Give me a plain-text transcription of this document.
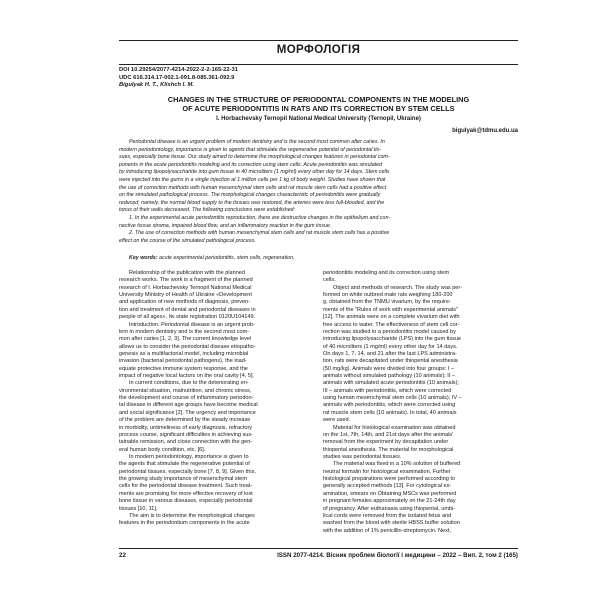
МОРФОЛОГІЯ
DOI 10.29254/2077-4214-2022-2-2-165-22-31
UDC 616.314.17-002.1-091.8-085.361-092.9
Bigulyak H. T., Klishch I. M.
CHANGES IN THE STRUCTURE OF PERIODONTAL COMPONENTS IN THE MODELING
OF ACUTE PERIODONTITIS IN RATS AND ITS CORRECTION BY STEM CELLS
I. Horbachevsky Ternopil National Medical University (Ternopil, Ukraine)
bigulyak@tdmu.edu.ua
Periodontal disease is an urgent problem of modern dentistry and is the second most common after caries. In
modern periodontology, importance is given to agents that stimulate the regenerative potential of periodontal tis-
sues, especially bone tissue. Our study aimed to determine the morphological changes features in periodontal com-
ponents in the acute periodontitis modeling and its correction using stem cells. Acute periodontitis was simulated
by introducing lipopolysaccharide into gum tissue in 40 microliters (1 mg/ml) every other day for 14 days. Stem cells
were injected into the gums in a single injection at 1 million cells per 1 kg of body weight. Studies have shown that
the use of correction methods with human mesenchymal stem cells and rat muscle stem cells had a positive effect
on the simulated pathological process. The morphological changes characteristic of periodontitis were gradually
reduced; namely, the normal blood supply to the tissues was restored, the arteries were less full-blooded, and the
tonus of their walls decreased. The following conclusions were established:
1. In the experimental acute periodontitis reproduction, there are destructive changes in the epithelium and con-
nective tissue stroma, impaired blood flow, and an inflammatory reaction in the gum tissue.
2. The use of correction methods with human mesenchymal stem cells and rat muscle stem cells has a positive
effect on the course of the simulated pathological process.
Key words: acute experimental periodontitis, stem cells, regeneration.
Relationship of the publication with the planned
research works. The work is a fragment of the planned
research of I. Horbachevsky Ternopil National Medical
University Ministry of Health of Ukraine «Development
and application of new methods of diagnosis, preven-
tion and treatment of dental and periodontal diseases in
people of all ages», № state registration 0120U104149.
Introduction. Periodontal disease is an urgent prob-
lem in modern dentistry and is the second most com-
mon after caries [1, 2, 3]. The current knowledge level
allows us to consider the periodontal disease etiopatho-
genesis as a multifactorial model, including microbial
invasion (bacterial periodontal pathogens), the inad-
equate protective immune system response, and the
impact of negative local factors on the oral cavity [4, 5].
In current conditions, due to the deteriorating en-
vironmental situation, malnutrition, and chronic stress,
the development and course of inflammatory periodon-
tal disease in different age groups have become medical
and social significance [2]. The urgency and importance
of the problem are determined by the steady increase
in morbidity, untimeliness of early diagnosis, refractory
process course, significant difficulties in achieving sus-
tainable remission, and close connection with the gen-
eral human body condition, etc. [6].
In modern periodontology, importance is given to
the agents that stimulate the regenerative potential of
periodontal tissues, especially bone [7, 8, 9]. Given this,
the growing study importance of mesenchymal stem
cells for the periodontal disease treatment. Such treat-
ments are promising for more effective recovery of lost
bone tissue in various diseases, especially periodontal
tissues [10, 11].
The aim is to determine the morphological changes
features in the periodontium components in the acute
periodontitis modeling and its correction using stem
cells.
Object and methods of research. The study was per-
formed on white outbred male rats weighing 180-200
g, obtained from the TNMU vivarium, by the require-
ments of the "Rules of work with experimental animals"
[12]. The animals were on a complete vivarium diet with
free access to water. The effectiveness of stem cell cor-
rection was studied in a periodontitis model caused by
introducing lipopolysaccharide (LPS) into the gum tissue
of 40 microliters (1 mg/ml) every other day for 14 days.
On days 1, 7, 14, and 21 after the last LPS administra-
tion, rats were decapitated under thiopental anesthesia
(50 mg/kg). Animals were divided into four groups: I –
animals without simulated pathology (10 animals); II –
animals with simulated acute periodontitis (10 animals);
III – animals with periodontitis, which were corrected
using human mesenchymal stem cells (10 animals); IV –
animals with periodontitis, which were corrected using
rat muscle stem cells (10 animals). In total, 40 animals
were used.
Material for histological examination was obtained
on the 1st, 7th, 14th, and 21st days after the animals'
removal from the experiment by decapitation under
thiopental anesthesia. The material for morphological
studies was periodontal tissues.
The material was fixed in a 10% solution of buffered
neutral formalin for histological examination. Further
histological preparations were performed according to
generally accepted methods [13]. For cytological ex-
amination, smears on Obtaining MSCs was performed
in pregnant females approximately on the 21-24th day
of pregnancy. After euthanasia using thiopental, umbi-
lical cords were removed from the isolated fetus and
washed from the blood with sterile HBSS buffer solution
with the addition of 1% penicillin-streptomycin. Next,
22	ISSN 2077-4214. Вісник проблем біології і медицини – 2022 – Вип. 2, том 2 (165)
